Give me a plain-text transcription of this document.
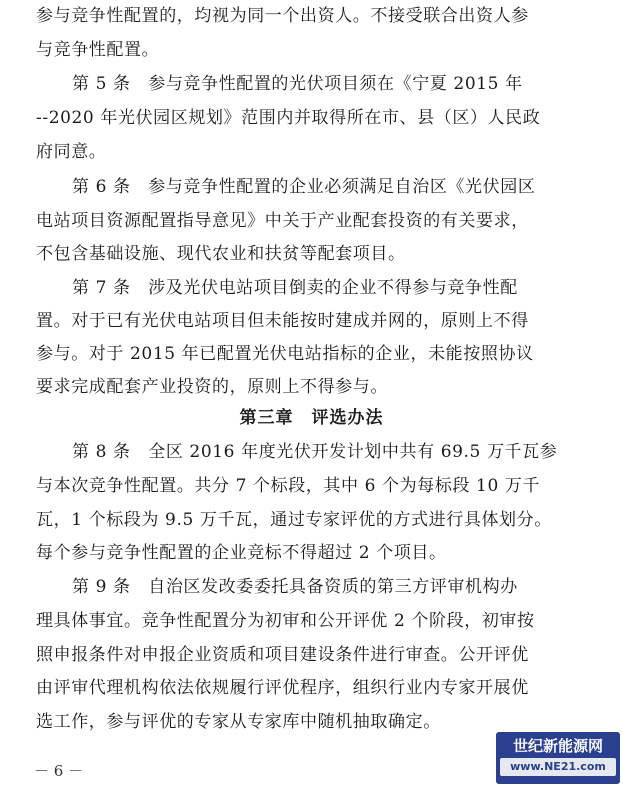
参与竞争性配置的，均视为同一个出资人。不接受联合出资人参
与竞争性配置。
第 5 条　参与竞争性配置的光伏项目须在《宁夏 2015 年
--2020 年光伏园区规划》范围内并取得所在市、县（区）人民政
府同意。
第 6 条　参与竞争性配置的企业必须满足自治区《光伏园区
电站项目资源配置指导意见》中关于产业配套投资的有关要求，
不包含基础设施、现代农业和扶贫等配套项目。
第 7 条　涉及光伏电站项目倒卖的企业不得参与竞争性配
置。对于已有光伏电站项目但未能按时建成并网的，原则上不得
参与。对于 2015 年已配置光伏电站指标的企业，未能按照协议
要求完成配套产业投资的，原则上不得参与。
第三章　评选办法
第 8 条　全区 2016 年度光伏开发计划中共有 69.5 万千瓦参
与本次竞争性配置。共分 7 个标段，其中 6 个为每标段 10 万千
瓦，1 个标段为 9.5 万千瓦，通过专家评优的方式进行具体划分。
每个参与竞争性配置的企业竞标不得超过 2 个项目。
第 9 条　自治区发改委委托具备资质的第三方评审机构办
理具体事宜。竞争性配置分为初审和公开评优 2 个阶段，初审按
照申报条件对申报企业资质和项目建设条件进行审查。公开评优
由评审代理机构依法依规履行评优程序，组织行业内专家开展优
选工作，参与评优的专家从专家库中随机抽取确定。
－ 6 －
世纪新能源网
www.NE21.com
